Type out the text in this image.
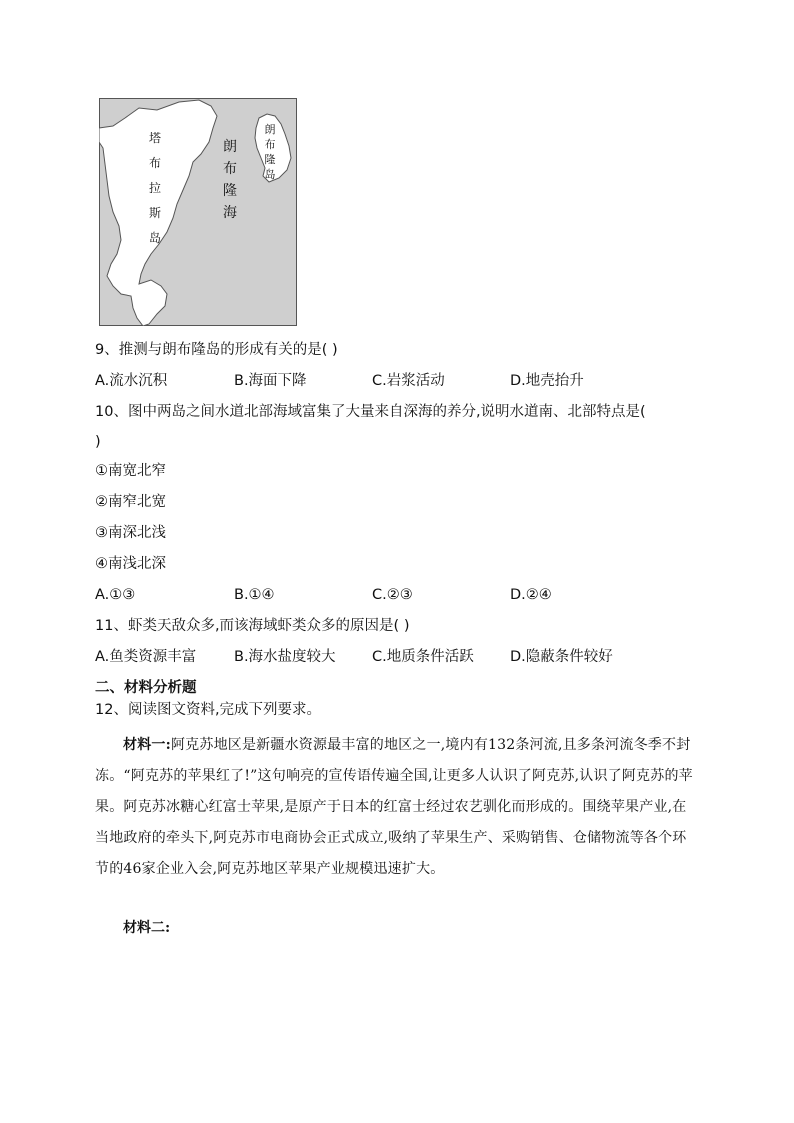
塔
布
拉
斯
岛
朗
布
隆
海
朗
布
隆
岛
9、推测与朗布隆岛的形成有关的是( )
A.流水沉积	B.海面下降	C.岩浆活动	D.地壳抬升
10、图中两岛之间水道北部海域富集了大量来自深海的养分,说明水道南、北部特点是(
)
①南宽北窄
②南窄北宽
③南深北浅
④南浅北深
A.①③	B.①④	C.②③	D.②④
11、虾类天敌众多,而该海域虾类众多的原因是( )
A.鱼类资源丰富	B.海水盐度较大	C.地质条件活跃	D.隐蔽条件较好
二、材料分析题
12、阅读图文资料,完成下列要求。
材料一:阿克苏地区是新疆水资源最丰富的地区之一,境内有132条河流,且多条河流冬季不封冻。“阿克苏的苹果红了!”这句响亮的宣传语传遍全国,让更多人认识了阿克苏,认识了阿克苏的苹果。阿克苏冰糖心红富士苹果,是原产于日本的红富士经过农艺驯化而形成的。围绕苹果产业,在当地政府的牵头下,阿克苏市电商协会正式成立,吸纳了苹果生产、采购销售、仓储物流等各个环节的46家企业入会,阿克苏地区苹果产业规模迅速扩大。
材料二:
